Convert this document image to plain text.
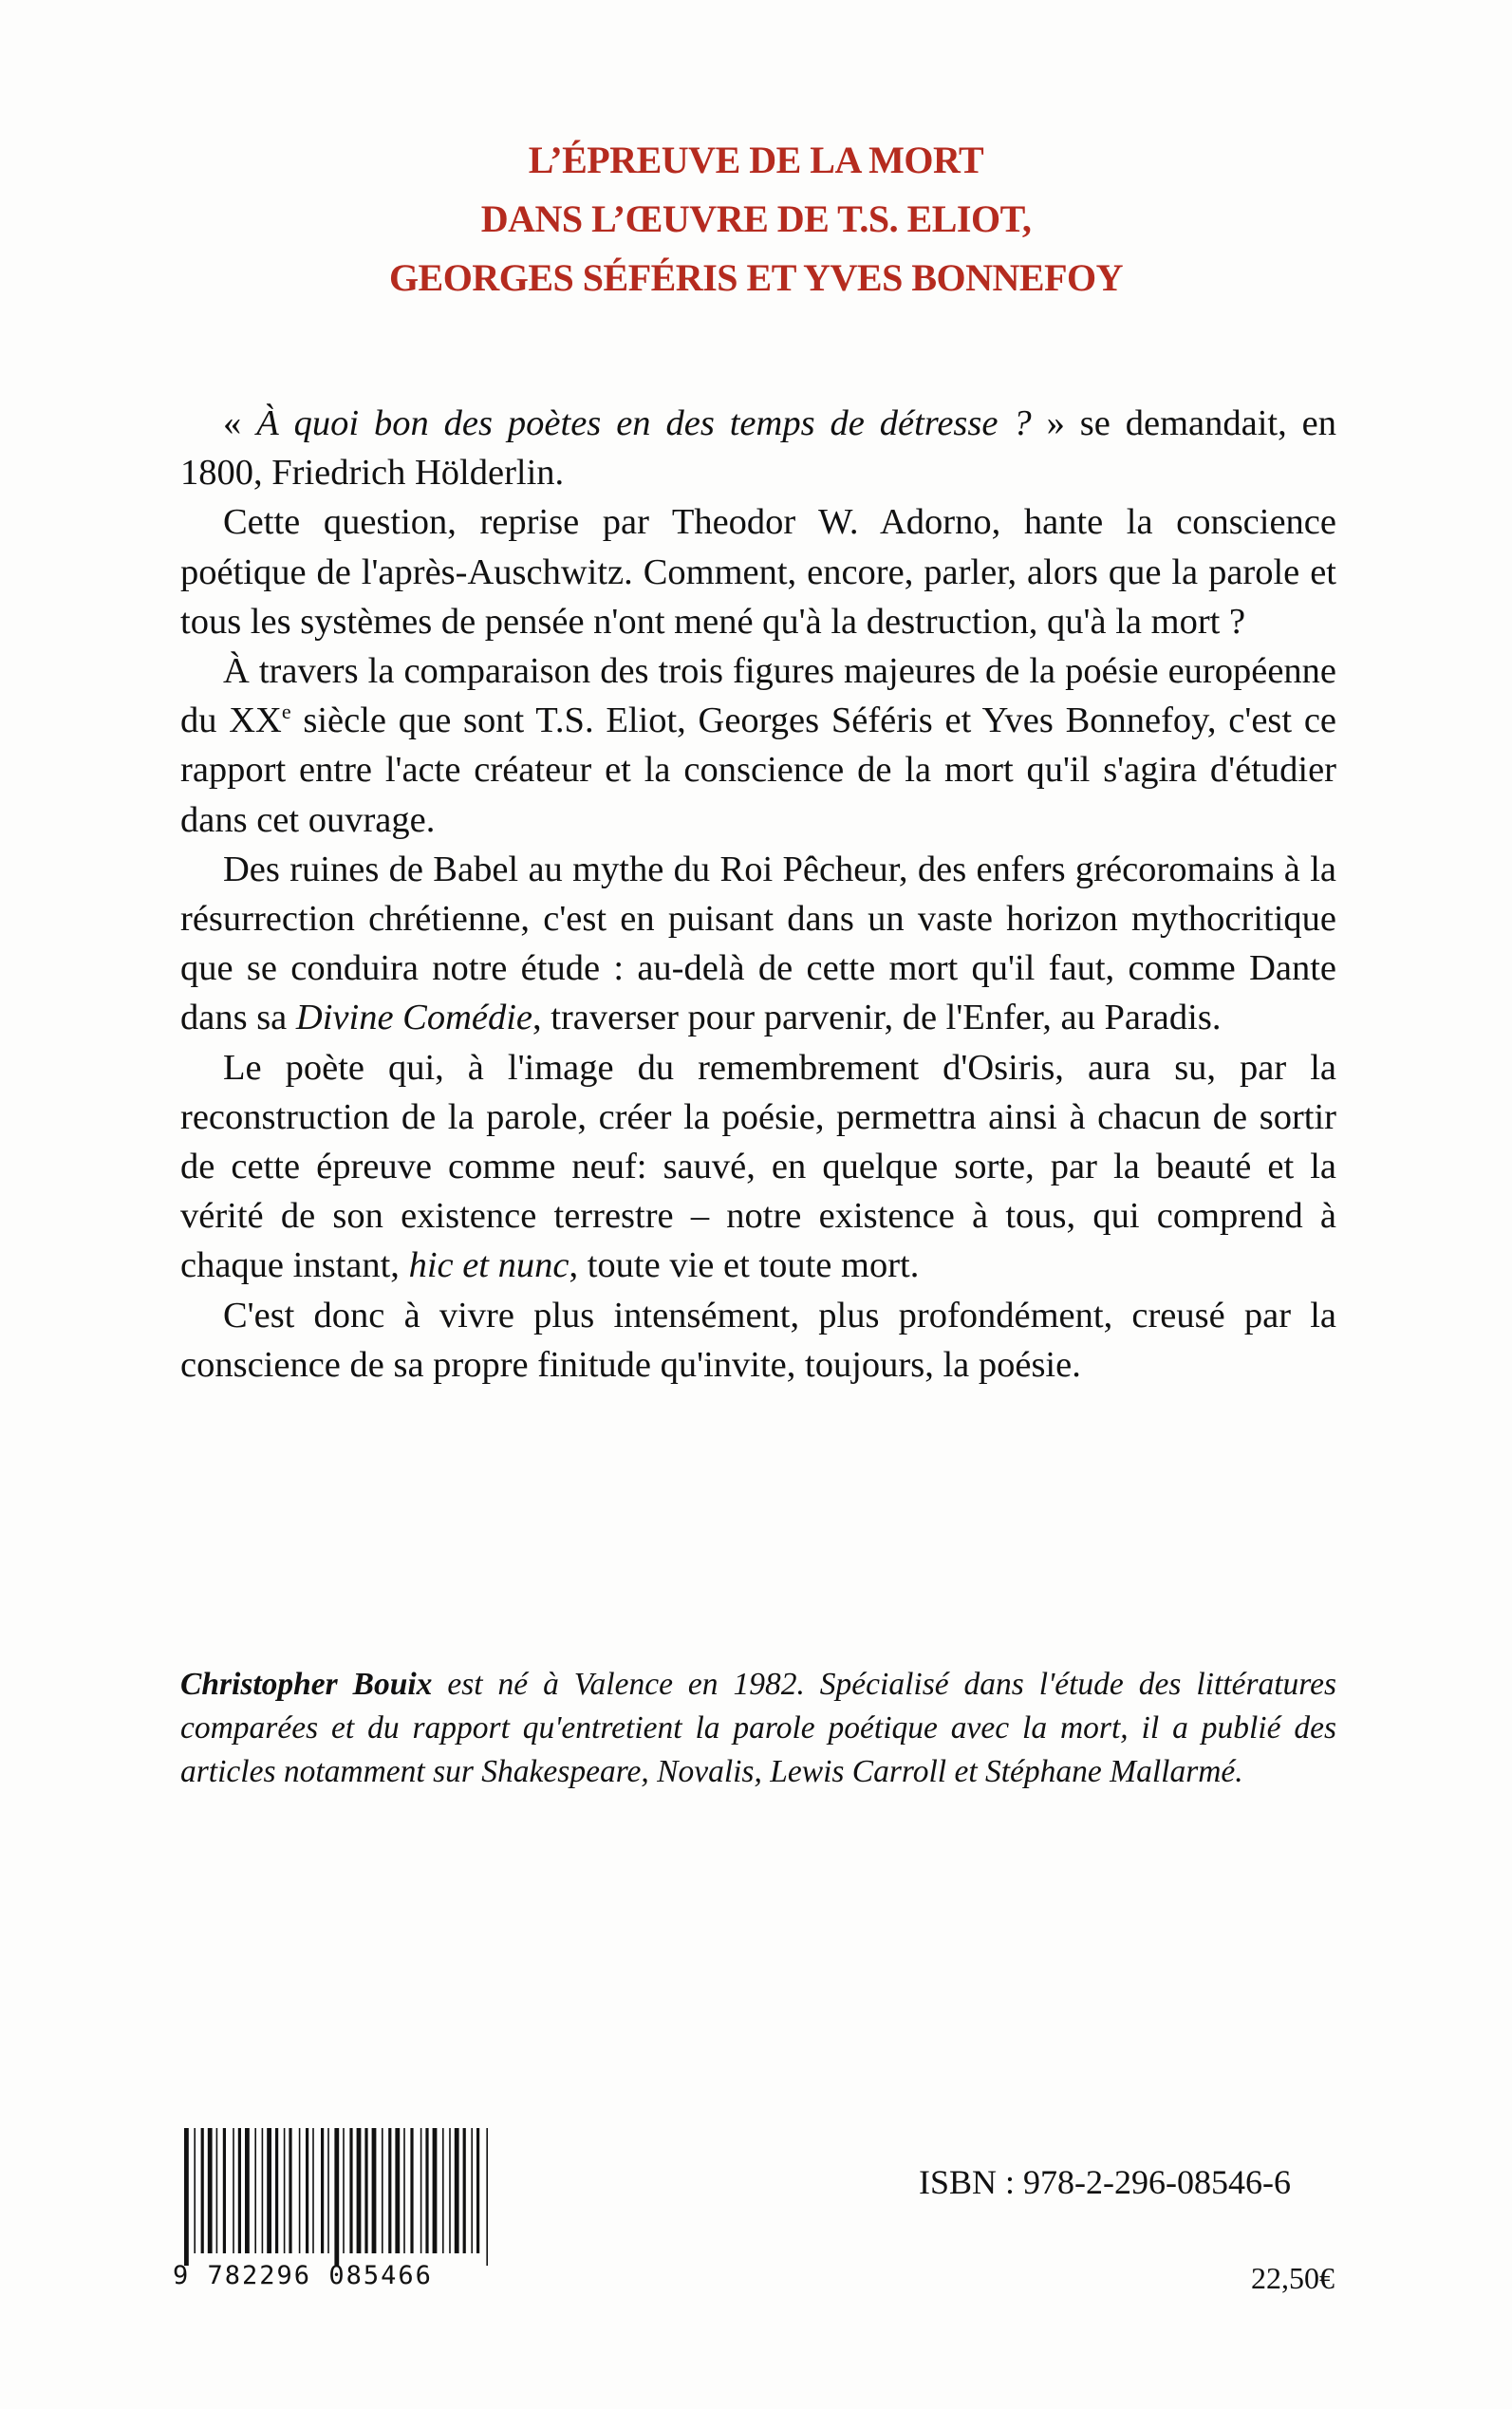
L’ÉPREUVE DE LA MORT
DANS L’ŒUVRE DE T.S. ELIOT,
GEORGES SÉFÉRIS ET YVES BONNEFOY

« À quoi bon des poètes en des temps de détresse ? » se demandait, en 1800, Friedrich Hölderlin.

Cette question, reprise par Theodor W. Adorno, hante la conscience poétique de l'après-Auschwitz. Comment, encore, parler, alors que la parole et tous les systèmes de pensée n'ont mené qu'à la destruction, qu'à la mort ?

À travers la comparaison des trois figures majeures de la poésie européenne du XXe siècle que sont T.S. Eliot, Georges Séféris et Yves Bonnefoy, c'est ce rapport entre l'acte créateur et la conscience de la mort qu'il s'agira d'étudier dans cet ouvrage.

Des ruines de Babel au mythe du Roi Pêcheur, des enfers grécoromains à la résurrection chrétienne, c'est en puisant dans un vaste horizon mythocritique que se conduira notre étude : au-delà de cette mort qu'il faut, comme Dante dans sa Divine Comédie, traverser pour parvenir, de l'Enfer, au Paradis.

Le poète qui, à l'image du remembrement d'Osiris, aura su, par la reconstruction de la parole, créer la poésie, permettra ainsi à chacun de sortir de cette épreuve comme neuf: sauvé, en quelque sorte, par la beauté et la vérité de son existence terrestre – notre existence à tous, qui comprend à chaque instant, hic et nunc, toute vie et toute mort.

C'est donc à vivre plus intensément, plus profondément, creusé par la conscience de sa propre finitude qu'invite, toujours, la poésie.

Christopher Bouix est né à Valence en 1982. Spécialisé dans l'étude des littératures comparées et du rapport qu'entretient la parole poétique avec la mort, il a publié des articles notamment sur Shakespeare, Novalis, Lewis Carroll et Stéphane Mallarmé.
9 782296 085466
ISBN : 978-2-296-08546-6
22,50€
